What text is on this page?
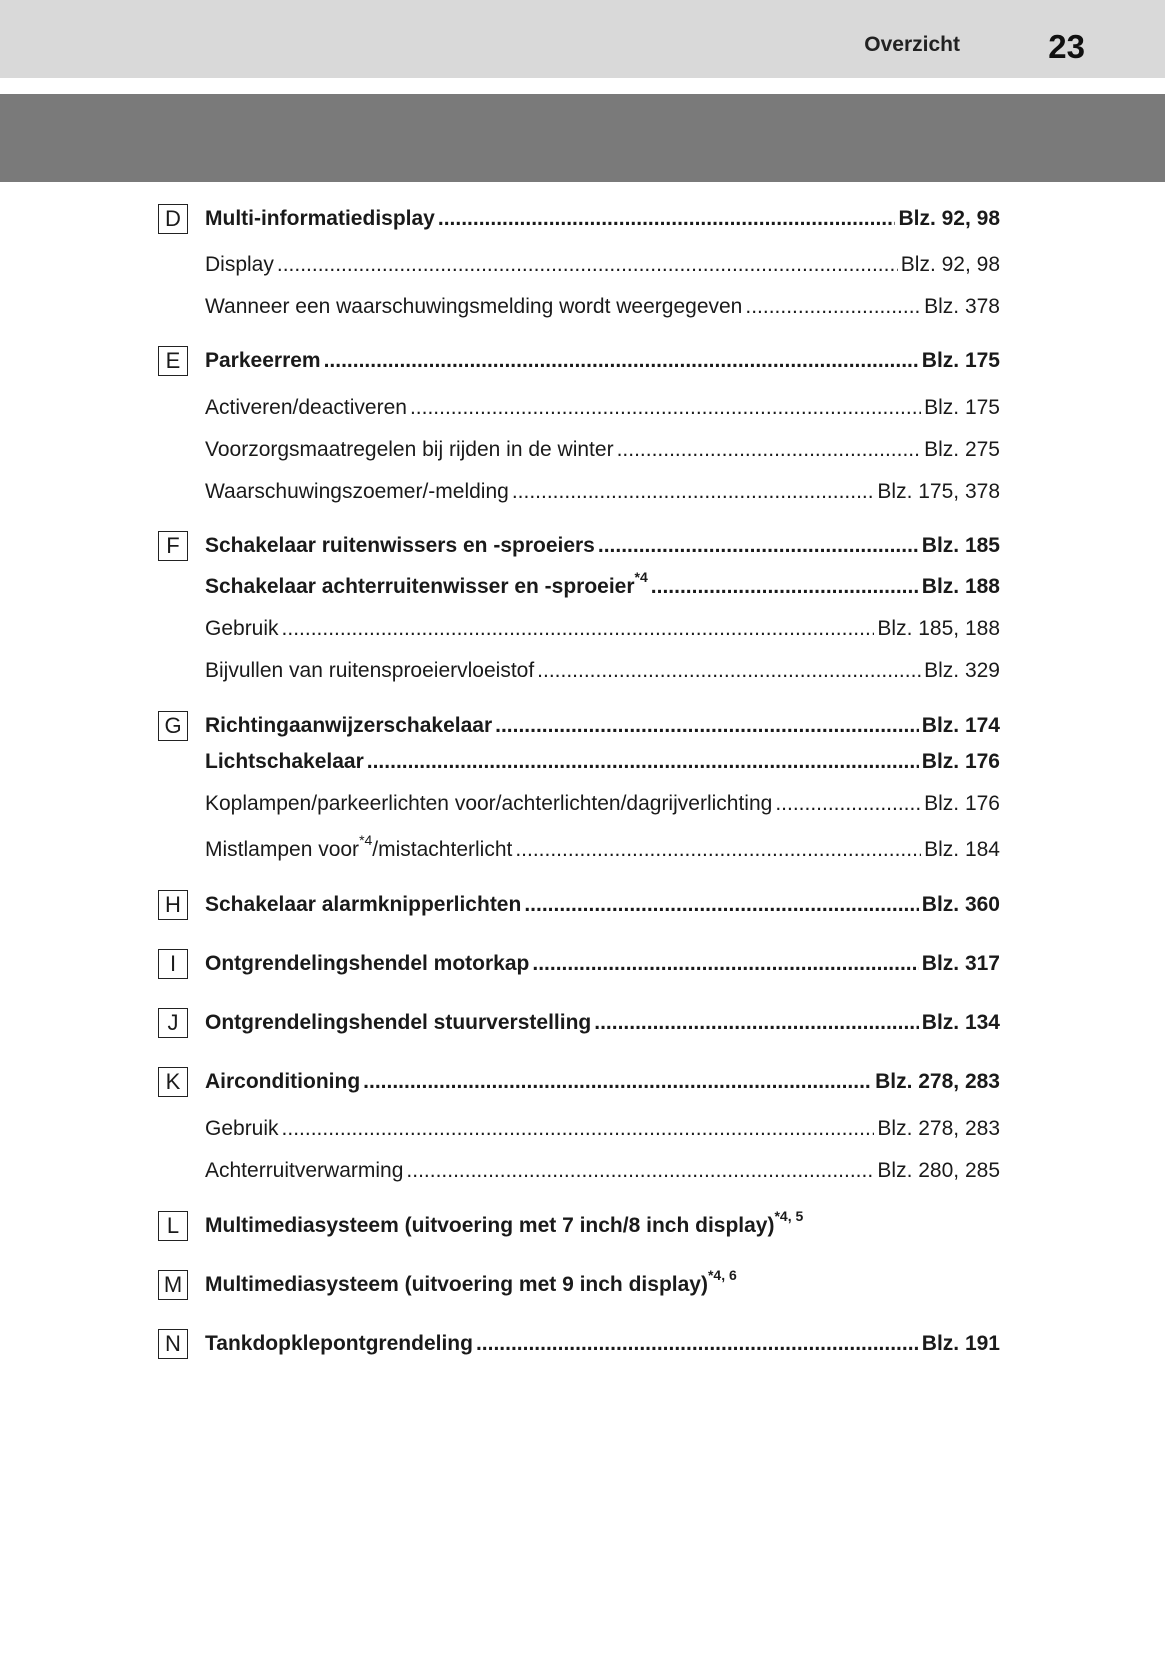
Overzicht	23
D	Multi-informatiedisplay .....	Blz. 92, 98
Display .....	Blz. 92, 98
Wanneer een waarschuwingsmelding wordt weergegeven .....	Blz. 378
E	Parkeerrem .....	Blz. 175
Activeren/deactiveren .....	Blz. 175
Voorzorgsmaatregelen bij rijden in de winter .....	Blz. 275
Waarschuwingszoemer/-melding .....	Blz. 175, 378
F	Schakelaar ruitenwissers en -sproeiers .....	Blz. 185
Schakelaar achterruitenwisser en -sproeier$^{*4}$ .....	Blz. 188
Gebruik .....	Blz. 185, 188
Bijvullen van ruitensproeiervloeistof .....	Blz. 329
G	Richtingaanwijzerschakelaar .....	Blz. 174
Lichtschakelaar .....	Blz. 176
Koplampen/parkeerlichten voor/achterlichten/dagrijverlichting .....	Blz. 176
Mistlampen voor$^{*4}$/mistachterlicht .....	Blz. 184
H	Schakelaar alarmknipperlichten .....	Blz. 360
I	Ontgrendelingshendel motorkap .....	Blz. 317
J	Ontgrendelingshendel stuurverstelling .....	Blz. 134
K	Airconditioning .....	Blz. 278, 283
Gebruik .....	Blz. 278, 283
Achterruitverwarming .....	Blz. 280, 285
L	Multimediasysteem (uitvoering met 7 inch/8 inch display)$^{*4, 5}$
M Multimediasysteem (uitvoering met 9 inch display)$^{*4, 6}$
N	Tankdopklepontgrendeling .....	Blz. 191
